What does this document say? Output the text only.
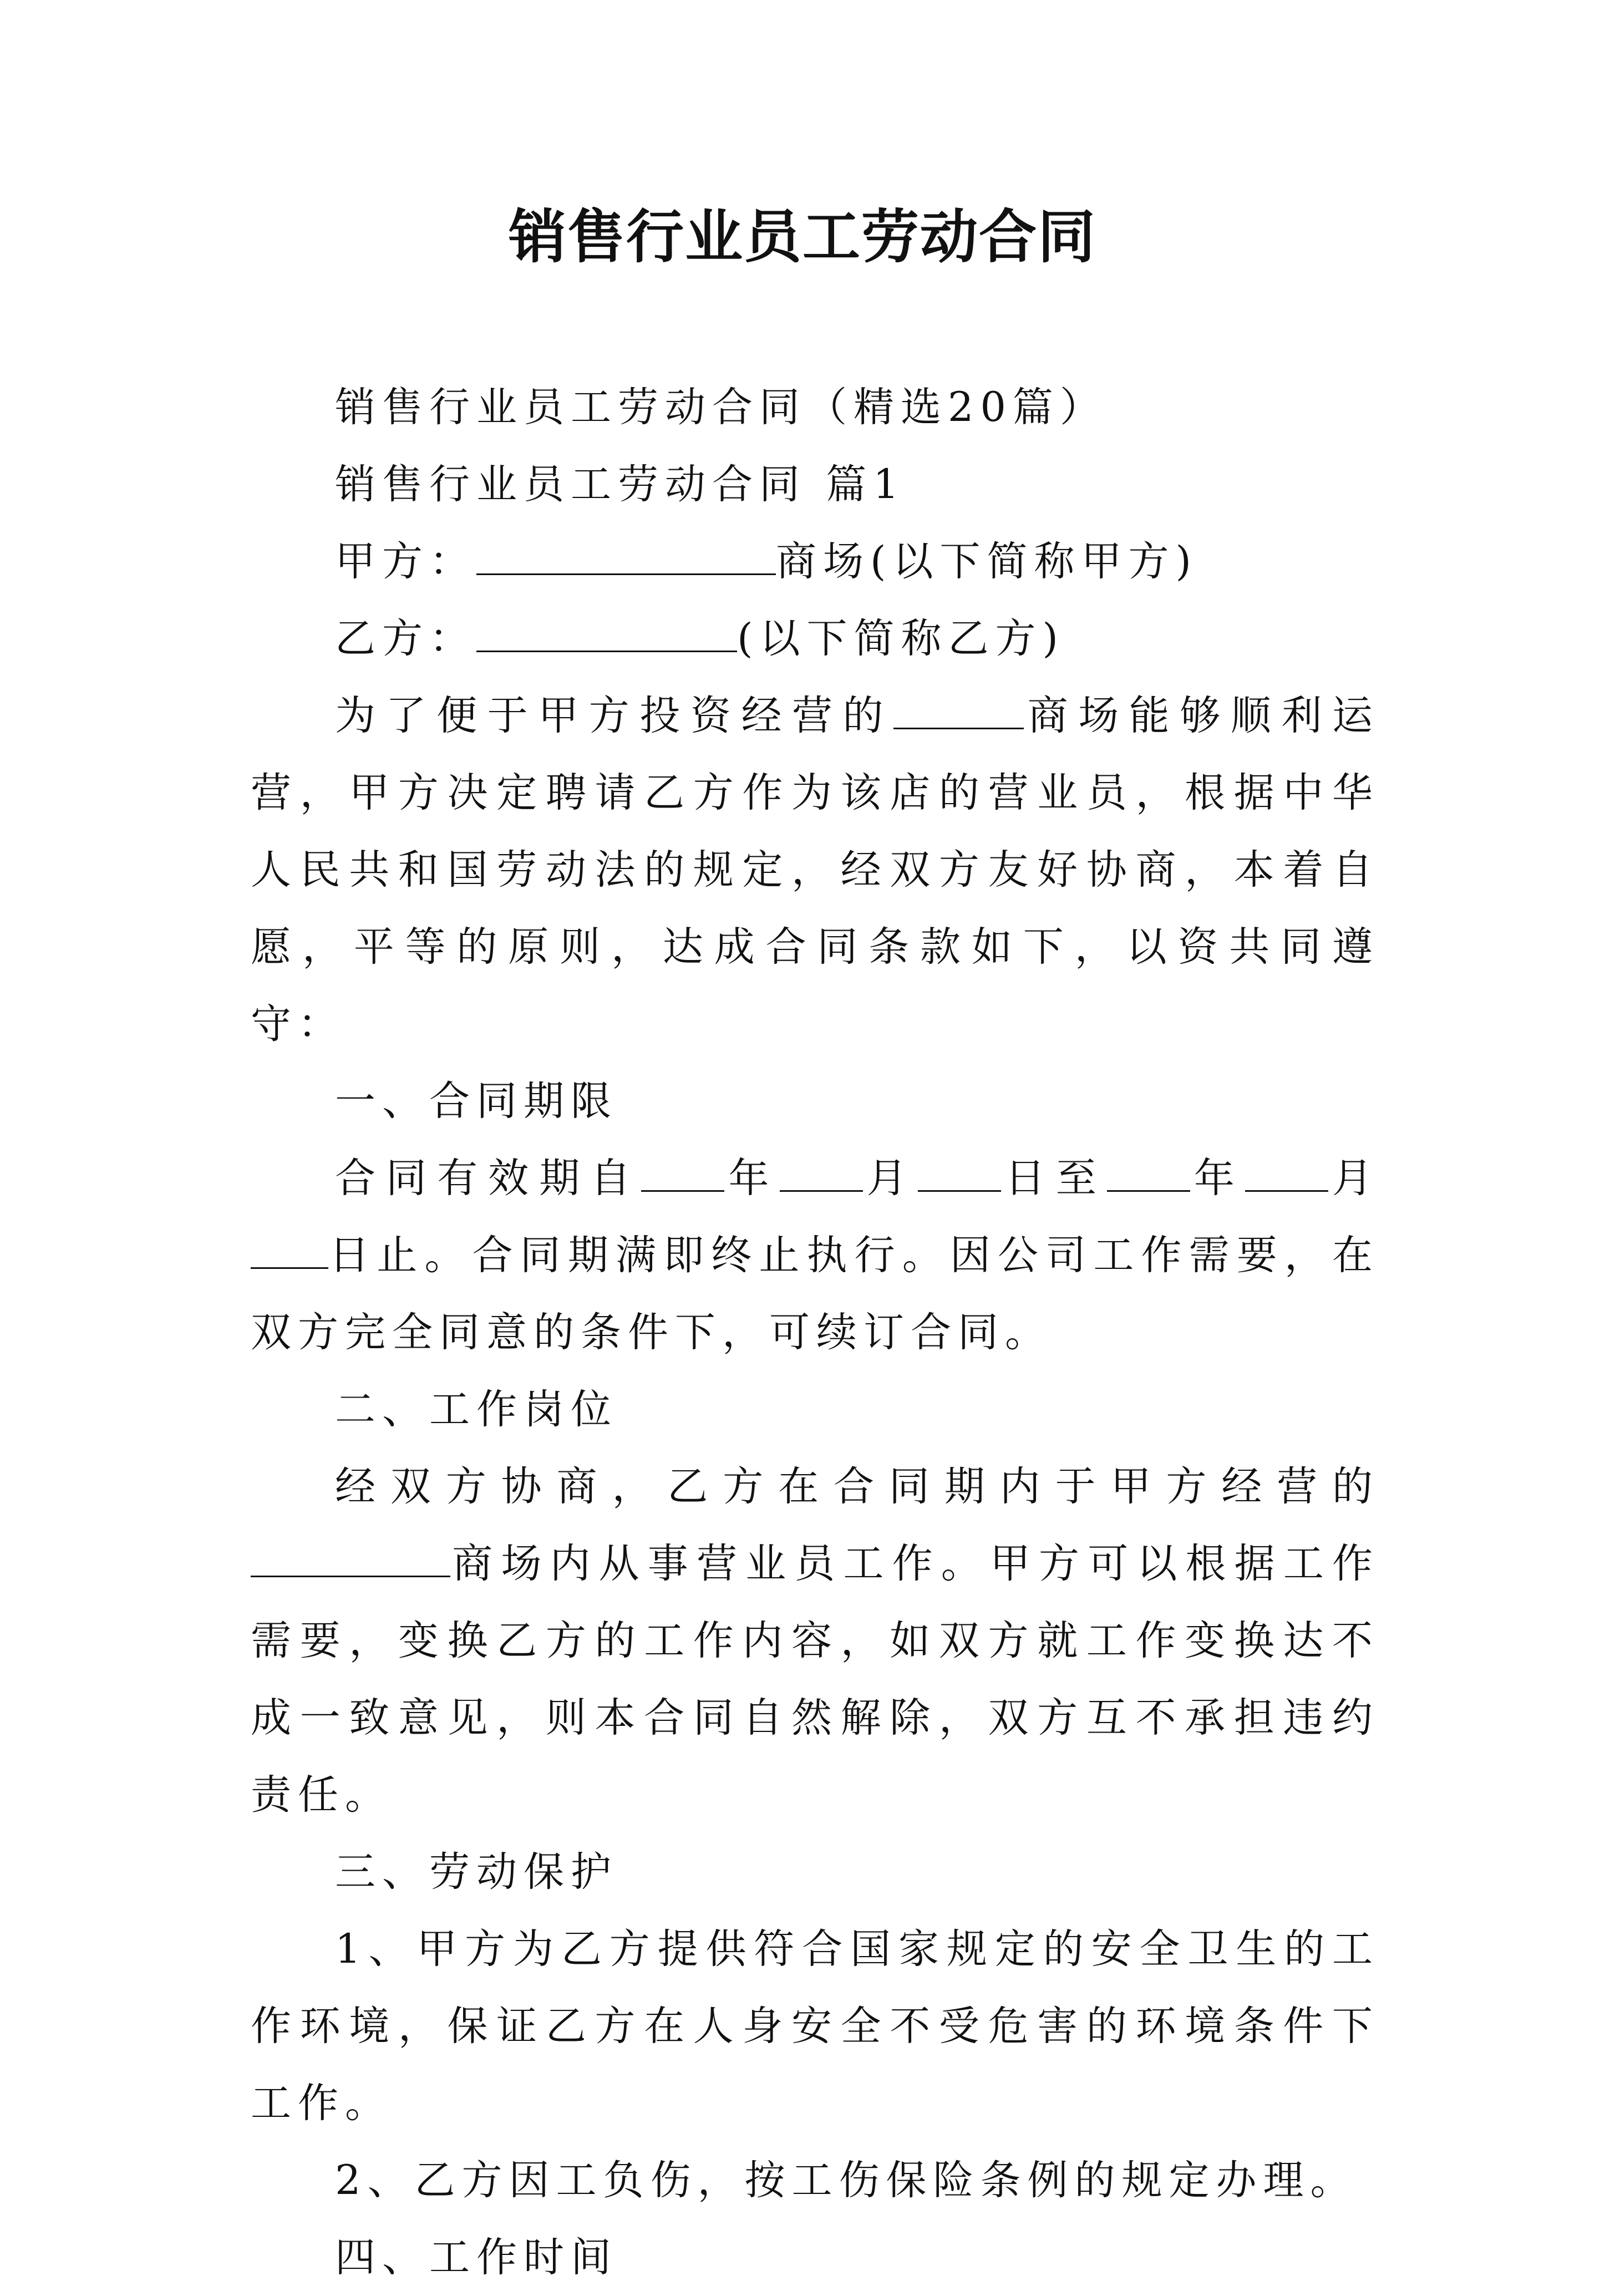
销售行业员工劳动合同

销售行业员工劳动合同（精选20篇）

销售行业员工劳动合同 篇1

甲方：	商场(以下简称甲方)

乙方：	(以下简称乙方)

为了便于甲方投资经营的	商场能够顺利运营，甲方决定聘请乙方作为该店的营业员，根据中华人民共和国劳动法的规定，经双方友好协商，本着自愿，平等的原则，达成合同条款如下，以资共同遵守：

一、合同期限

合同有效期自 年 月 日至 年 月日止。合同期满即终止执行。因公司工作需要，在双方完全同意的条件下，可续订合同。

二、工作岗位

经双方协商，乙方在合同期内于甲方经营的商场内从事营业员工作。甲方可以根据工作需要，变换乙方的工作内容，如双方就工作变换达不成一致意见，则本合同自然解除，双方互不承担违约责任。

三、劳动保护

1、甲方为乙方提供符合国家规定的安全卫生的工作环境，保证乙方在人身安全不受危害的环境条件下工作。

2、乙方因工负伤，按工伤保险条例的规定办理。

四、工作时间
